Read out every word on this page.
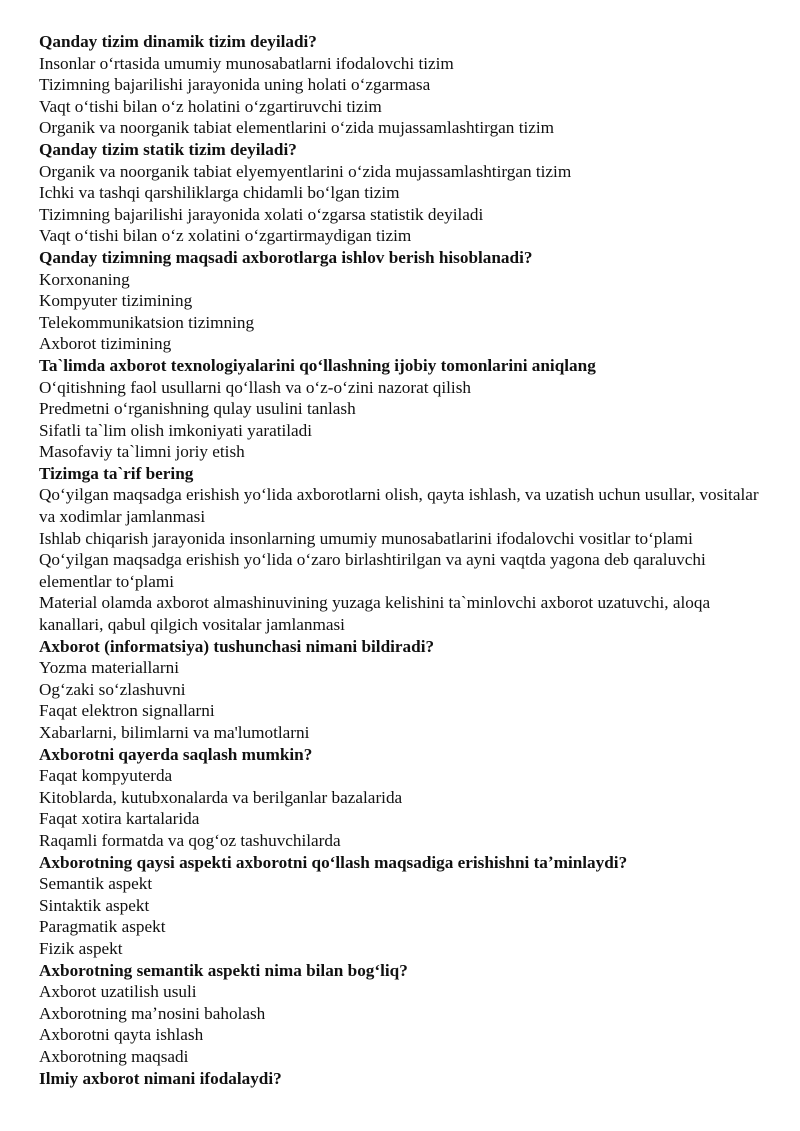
Qanday tizim dinamik tizim deyiladi?
Insonlar oʻrtasida umumiy munosabatlarni ifodalovchi tizim
Tizimning bajarilishi jarayonida uning holati oʻzgarmasa
Vaqt oʻtishi bilan oʻz holatini oʻzgartiruvchi tizim
Organik va noorganik tabiat elementlarini oʻzida mujassamlashtirgan tizim
Qanday tizim statik tizim deyiladi?
Organik va noorganik tabiat elyemyentlarini oʻzida mujassamlashtirgan tizim
Ichki va tashqi qarshiliklarga chidamli boʻlgan tizim
Tizimning bajarilishi jarayonida xolati oʻzgarsa statistik deyiladi
Vaqt oʻtishi bilan oʻz xolatini oʻzgartirmaydigan tizim
Qanday tizimning maqsadi axborotlarga ishlov berish hisoblanadi?
Korxonaning
Kompyuter tizimining
Telekommunikatsion tizimning
Axborot tizimining
Ta`limda axborot texnologiyalarini qoʻllashning ijobiy tomonlarini aniqlang
Oʻqitishning faol usullarni qoʻllash va oʻz-oʻzini nazorat qilish
Predmetni oʻrganishning qulay usulini tanlash
Sifatli ta`lim olish imkoniyati yaratiladi
Masofaviy ta`limni joriy etish
Tizimga ta`rif bering
Qoʻyilgan maqsadga erishish yoʻlida axborotlarni olish, qayta ishlash, va uzatish uchun usullar, vositalar va xodimlar jamlanmasi
Ishlab chiqarish jarayonida insonlarning umumiy munosabatlarini ifodalovchi vositlar toʻplami
Qoʻyilgan maqsadga erishish yoʻlida oʻzaro birlashtirilgan va ayni vaqtda yagona deb qaraluvchi elementlar toʻplami
Material olamda axborot almashinuvining yuzaga kelishini ta`minlovchi axborot uzatuvchi, aloqa kanallari, qabul qilgich vositalar jamlanmasi
Axborot (informatsiya) tushunchasi nimani bildiradi?
Yozma materiallarni
Ogʻzaki soʻzlashuvni
Faqat elektron signallarni
Xabarlarni, bilimlarni va ma'lumotlarni
Axborotni qayerda saqlash mumkin?
Faqat kompyuterda
Kitoblarda, kutubxonalarda va berilganlar bazalarida
Faqat xotira kartalarida
Raqamli formatda va qogʻoz tashuvchilarda
Axborotning qaysi aspekti axborotni qoʻllash maqsadiga erishishni taʼminlaydi?
Semantik aspekt
Sintaktik aspekt
Paragmatik aspekt
Fizik aspekt
Axborotning semantik aspekti nima bilan bogʻliq?
Axborot uzatilish usuli
Axborotning maʼnosini baholash
Axborotni qayta ishlash
Axborotning maqsadi
Ilmiy axborot nimani ifodalaydi?
